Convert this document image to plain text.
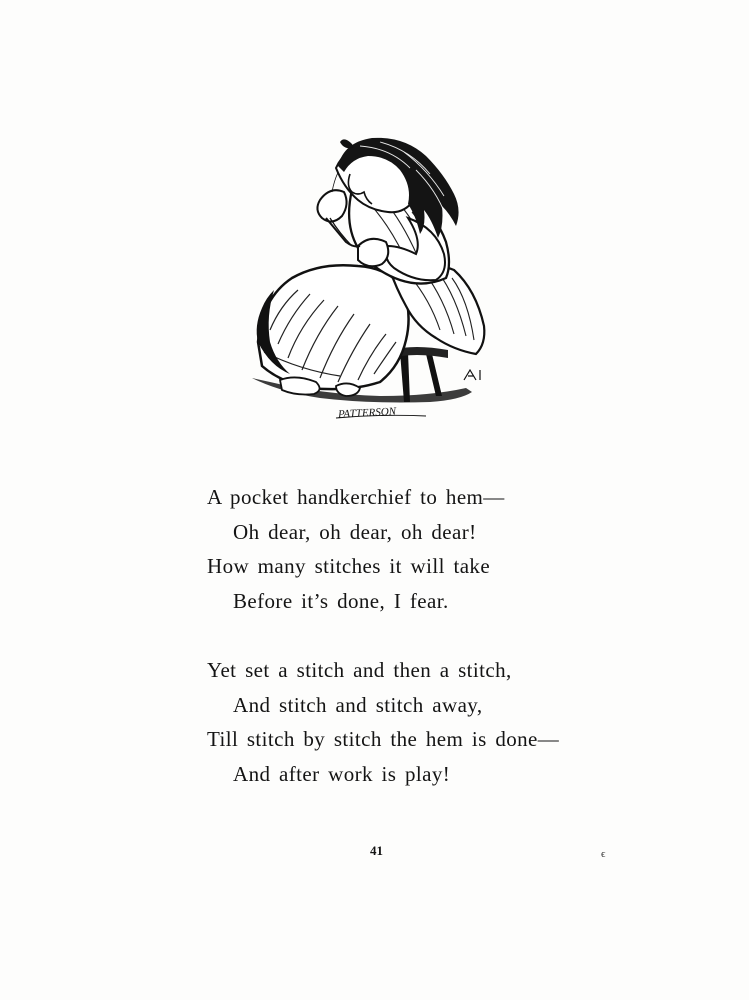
PATTERSON
A pocket handkerchief to hem—
Oh dear, oh dear, oh dear!
How many stitches it will take
Before it’s done, I fear.
Yet set a stitch and then a stitch,
And stitch and stitch away,
Till stitch by stitch the hem is done—
And after work is play!
41	ϵ
